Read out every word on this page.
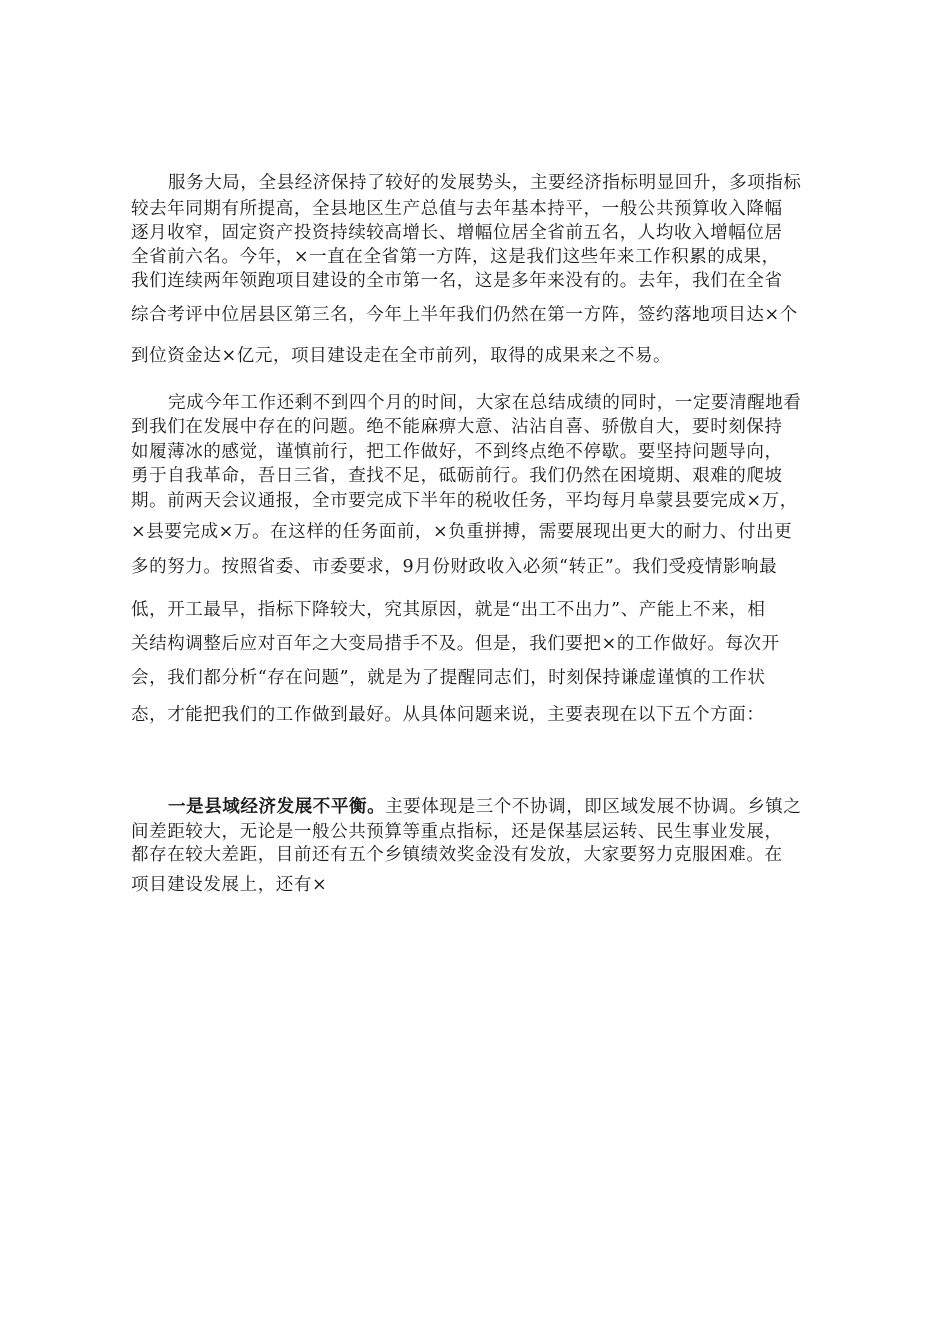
服务大局，全县经济保持了较好的发展势头，主要经济指标明显回升，多项指标
较去年同期有所提高，全县地区生产总值与去年基本持平，一般公共预算收入降幅
逐月收窄，固定资产投资持续较高增长、增幅位居全省前五名，人均收入增幅位居
全省前六名。今年，×一直在全省第一方阵，这是我们这些年来工作积累的成果，
我们连续两年领跑项目建设的全市第一名，这是多年来没有的。去年，我们在全省
综合考评中位居县区第三名，今年上半年我们仍然在第一方阵，签约落地项目达×个
到位资金达×亿元，项目建设走在全市前列，取得的成果来之不易。
完成今年工作还剩不到四个月的时间，大家在总结成绩的同时，一定要清醒地看
到我们在发展中存在的问题。绝不能麻痹大意、沾沾自喜、骄傲自大，要时刻保持
如履薄冰的感觉，谨慎前行，把工作做好，不到终点绝不停歇。要坚持问题导向，
勇于自我革命，吾日三省，查找不足，砥砺前行。我们仍然在困境期、艰难的爬坡
期。前两天会议通报，全市要完成下半年的税收任务，平均每月阜蒙县要完成×万，
×县要完成×万。在这样的任务面前，×负重拼搏，需要展现出更大的耐力、付出更
多的努力。按照省委、市委要求，9月份财政收入必须“转正”。我们受疫情影响最
低，开工最早，指标下降较大，究其原因，就是“出工不出力”、产能上不来，相
关结构调整后应对百年之大变局措手不及。但是，我们要把×的工作做好。每次开
会，我们都分析“存在问题”，就是为了提醒同志们，时刻保持谦虚谨慎的工作状
态，才能把我们的工作做到最好。从具体问题来说，主要表现在以下五个方面：
一是县域经济发展不平衡。主要体现是三个不协调，即区域发展不协调。乡镇之
间差距较大，无论是一般公共预算等重点指标，还是保基层运转、民生事业发展，
都存在较大差距，目前还有五个乡镇绩效奖金没有发放，大家要努力克服困难。在
项目建设发展上，还有×
